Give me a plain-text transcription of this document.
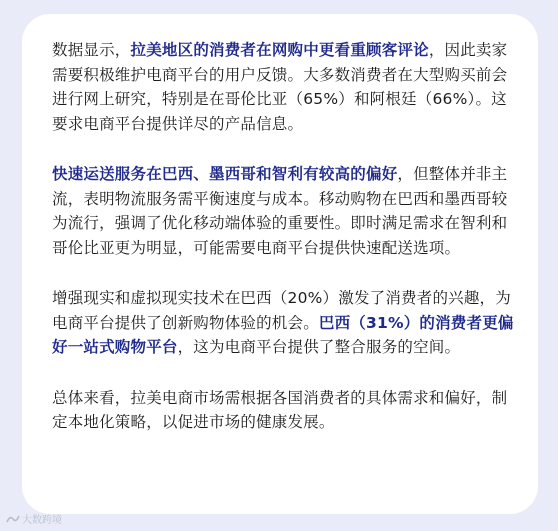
数据显示，拉美地区的消费者在网购中更看重顾客评论，因此卖家需要积极维护电商平台的用户反馈。大多数消费者在大型购买前会进行网上研究，特别是在哥伦比亚（65%）和阿根廷（66%）。这要求电商平台提供详尽的产品信息。

快速运送服务在巴西、墨西哥和智利有较高的偏好，但整体并非主流，表明物流服务需平衡速度与成本。移动购物在巴西和墨西哥较为流行，强调了优化移动端体验的重要性。即时满足需求在智利和哥伦比亚更为明显，可能需要电商平台提供快速配送选项。

增强现实和虚拟现实技术在巴西（20%）激发了消费者的兴趣，为电商平台提供了创新购物体验的机会。巴西（31%）的消费者更偏好一站式购物平台，这为电商平台提供了整合服务的空间。

总体来看，拉美电商市场需根据各国消费者的具体需求和偏好，制定本地化策略，以促进市场的健康发展。

大数跨境
